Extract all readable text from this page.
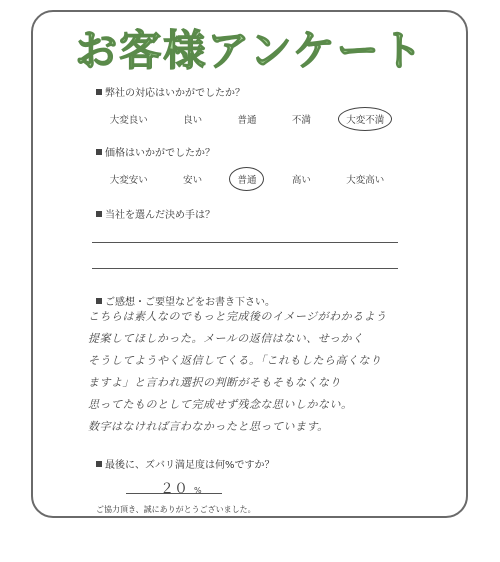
お客様アンケート
弊社の対応はいかがでしたか？
大変良い	良い	普通	不満	大変不満
価格はいかがでしたか？
大変安い	安い	普通	高い	大変高い
当社を選んだ決め手は？
ご感想・ご要望などをお書き下さい。
こちらは素人なのでもっと完成後のイメージがわかるよう
提案してほしかった。メールの返信はない、せっかく
そうしてようやく返信してくる。「これもしたら高くなり
ますよ」と言われ選択の判断がそもそもなくなり
思ってたものとして完成せず残念な思いしかない。
数字はなければ言わなかったと思っています。
最後に、ズバリ満足度は何%ですか？
２０ %
ご協力頂き、誠にありがとうございました。
